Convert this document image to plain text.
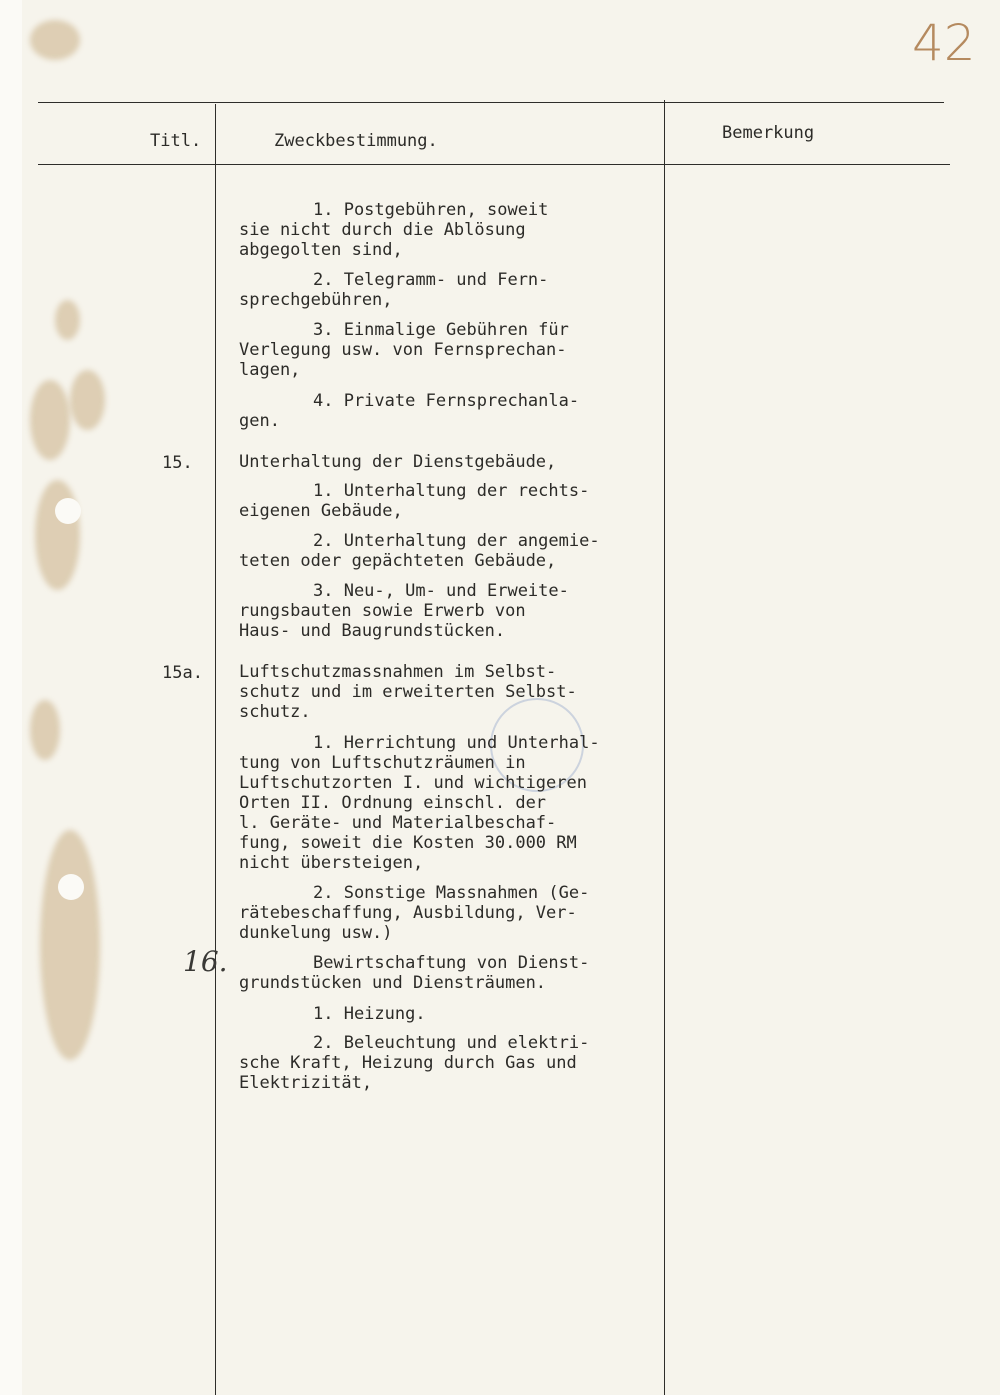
42
Titl.	Zweckbestimmung.	Bemerkung
1. Postgebühren, soweit
sie nicht durch die Ablösung
abgegolten sind,
2. Telegramm- und Fern-
sprechgebühren,
3. Einmalige Gebühren für
Verlegung usw. von Fernsprechan-
lagen,
4. Private Fernsprechanla-
gen.
15.	Unterhaltung der Dienstgebäude,
1. Unterhaltung der rechts-
eigenen Gebäude,
2. Unterhaltung der angemie-
teten oder gepächteten Gebäude,
3. Neu-, Um- und Erweite-
rungsbauten sowie Erwerb von
Haus- und Baugrundstücken.
15a. Luftschutzmassnahmen im Selbst-
schutz und im erweiterten Selbst-
schutz.
1. Herrichtung und Unterhal-
tung von Luftschutzräumen in
Luftschutzorten I. und wichtigeren
Orten II. Ordnung einschl. der
l. Geräte- und Materialbeschaf-
fung, soweit die Kosten 30.000 RM
nicht übersteigen,
2. Sonstige Massnahmen (Ge-
rätebeschaffung, Ausbildung, Ver-
dunkelung usw.)
16.	Bewirtschaftung von Dienst-
grundstücken und Diensträumen.
1. Heizung.
2. Beleuchtung und elektri-
sche Kraft, Heizung durch Gas und
Elektrizität,
